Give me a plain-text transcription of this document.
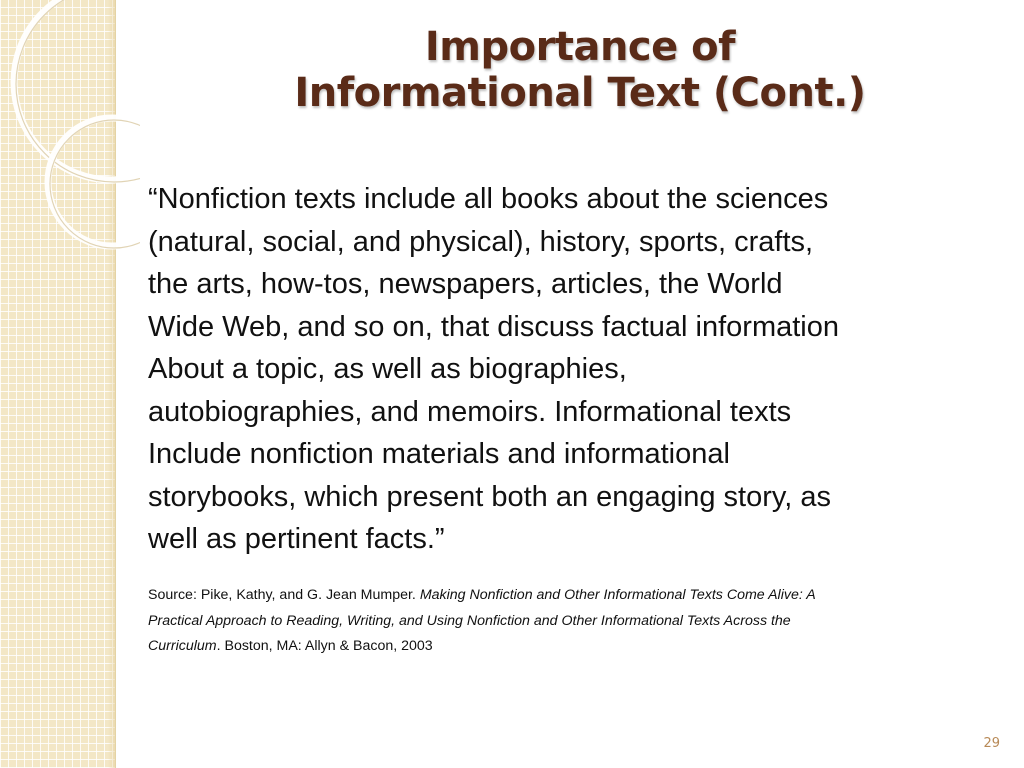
Importance of
Informational Text (Cont.)

“Nonfiction texts include all books about the sciences
(natural, social, and physical), history, sports, crafts,
the arts, how-tos, newspapers, articles, the World
Wide Web, and so on, that discuss factual information
About a topic, as well as biographies,
autobiographies, and memoirs. Informational texts
Include nonfiction materials and informational
storybooks, which present both an engaging story, as
well as pertinent facts.”

Source: Pike, Kathy, and G. Jean Mumper. Making Nonfiction and Other Informational Texts Come Alive: A
Practical Approach to Reading, Writing, and Using Nonfiction and Other Informational Texts Across the
Curriculum. Boston, MA: Allyn & Bacon, 2003
29
